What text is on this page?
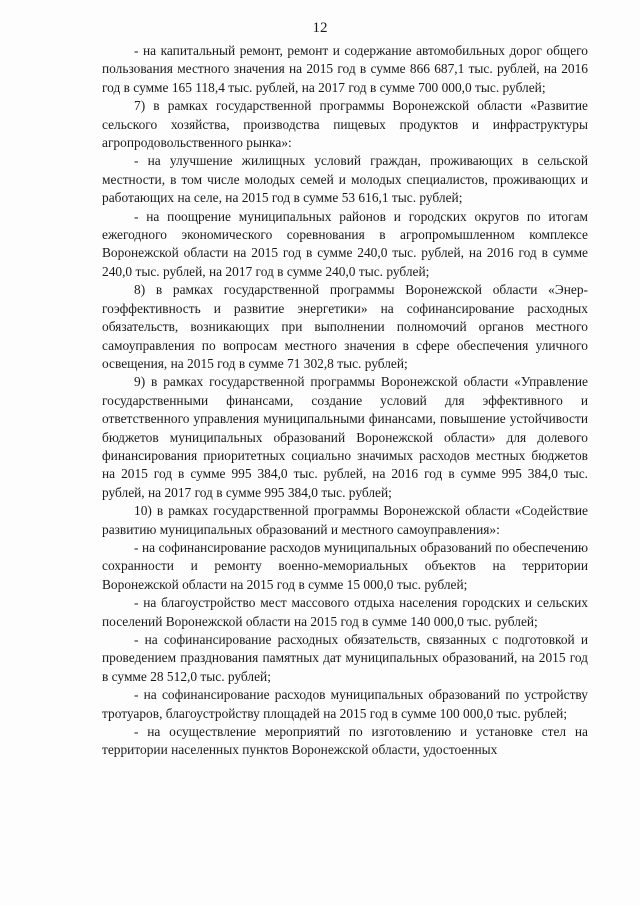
12

- на капитальный ремонт, ремонт и содержание автомобильных дорог общего пользования местного значения на 2015 год в сумме 866 687,1 тыс. рублей, на 2016 год в сумме 165 118,4 тыс. рублей, на 2017 год в сумме 700 000,0 тыс. рублей;

7) в рамках государственной программы Воронежской области «Развитие сельского хозяйства, производства пищевых продуктов и инфраструктуры агропродовольственного рынка»:

- на улучшение жилищных условий граждан, проживающих в сельской местности, в том числе молодых семей и молодых специалистов, проживающих и работающих на селе, на 2015 год в сумме 53 616,1 тыс. рублей;

- на поощрение муниципальных районов и городских округов по итогам ежегодного экономического соревнования в агропромышленном комплексе Воронежской области на 2015 год в сумме 240,0 тыс. рублей, на 2016 год в сумме 240,0 тыс. рублей, на 2017 год в сумме 240,0 тыс. рублей;

8) в рамках государственной программы Воронежской области «Энергоэффективность и развитие энергетики» на софинансирование расходных обязательств, возникающих при выполнении полномочий органов местного самоуправления по вопросам местного значения в сфере обеспечения уличного освещения, на 2015 год в сумме 71 302,8 тыс. рублей;

9) в рамках государственной программы Воронежской области «Управление государственными финансами, создание условий для эффективного и ответственного управления муниципальными финансами, повышение устойчивости бюджетов муниципальных образований Воронежской области» для долевого финансирования приоритетных социально значимых расходов местных бюджетов на 2015 год в сумме 995 384,0 тыс. рублей, на 2016 год в сумме 995 384,0 тыс. рублей, на 2017 год в сумме 995 384,0 тыс. рублей;

10) в рамках государственной программы Воронежской области «Содействие развитию муниципальных образований и местного самоуправления»:

- на софинансирование расходов муниципальных образований по обеспечению сохранности и ремонту военно-мемориальных объектов на территории Воронежской области на 2015 год в сумме 15 000,0 тыс. рублей;

- на благоустройство мест массового отдыха населения городских и сельских поселений Воронежской области на 2015 год в сумме 140 000,0 тыс. рублей;

- на софинансирование расходных обязательств, связанных с подготовкой и проведением празднования памятных дат муниципальных образований, на 2015 год в сумме 28 512,0 тыс. рублей;

- на софинансирование расходов муниципальных образований по устройству тротуаров, благоустройству площадей на 2015 год в сумме 100 000,0 тыс. рублей;

- на осуществление мероприятий по изготовлению и установке стел на территории населенных пунктов Воронежской области, удостоенных
